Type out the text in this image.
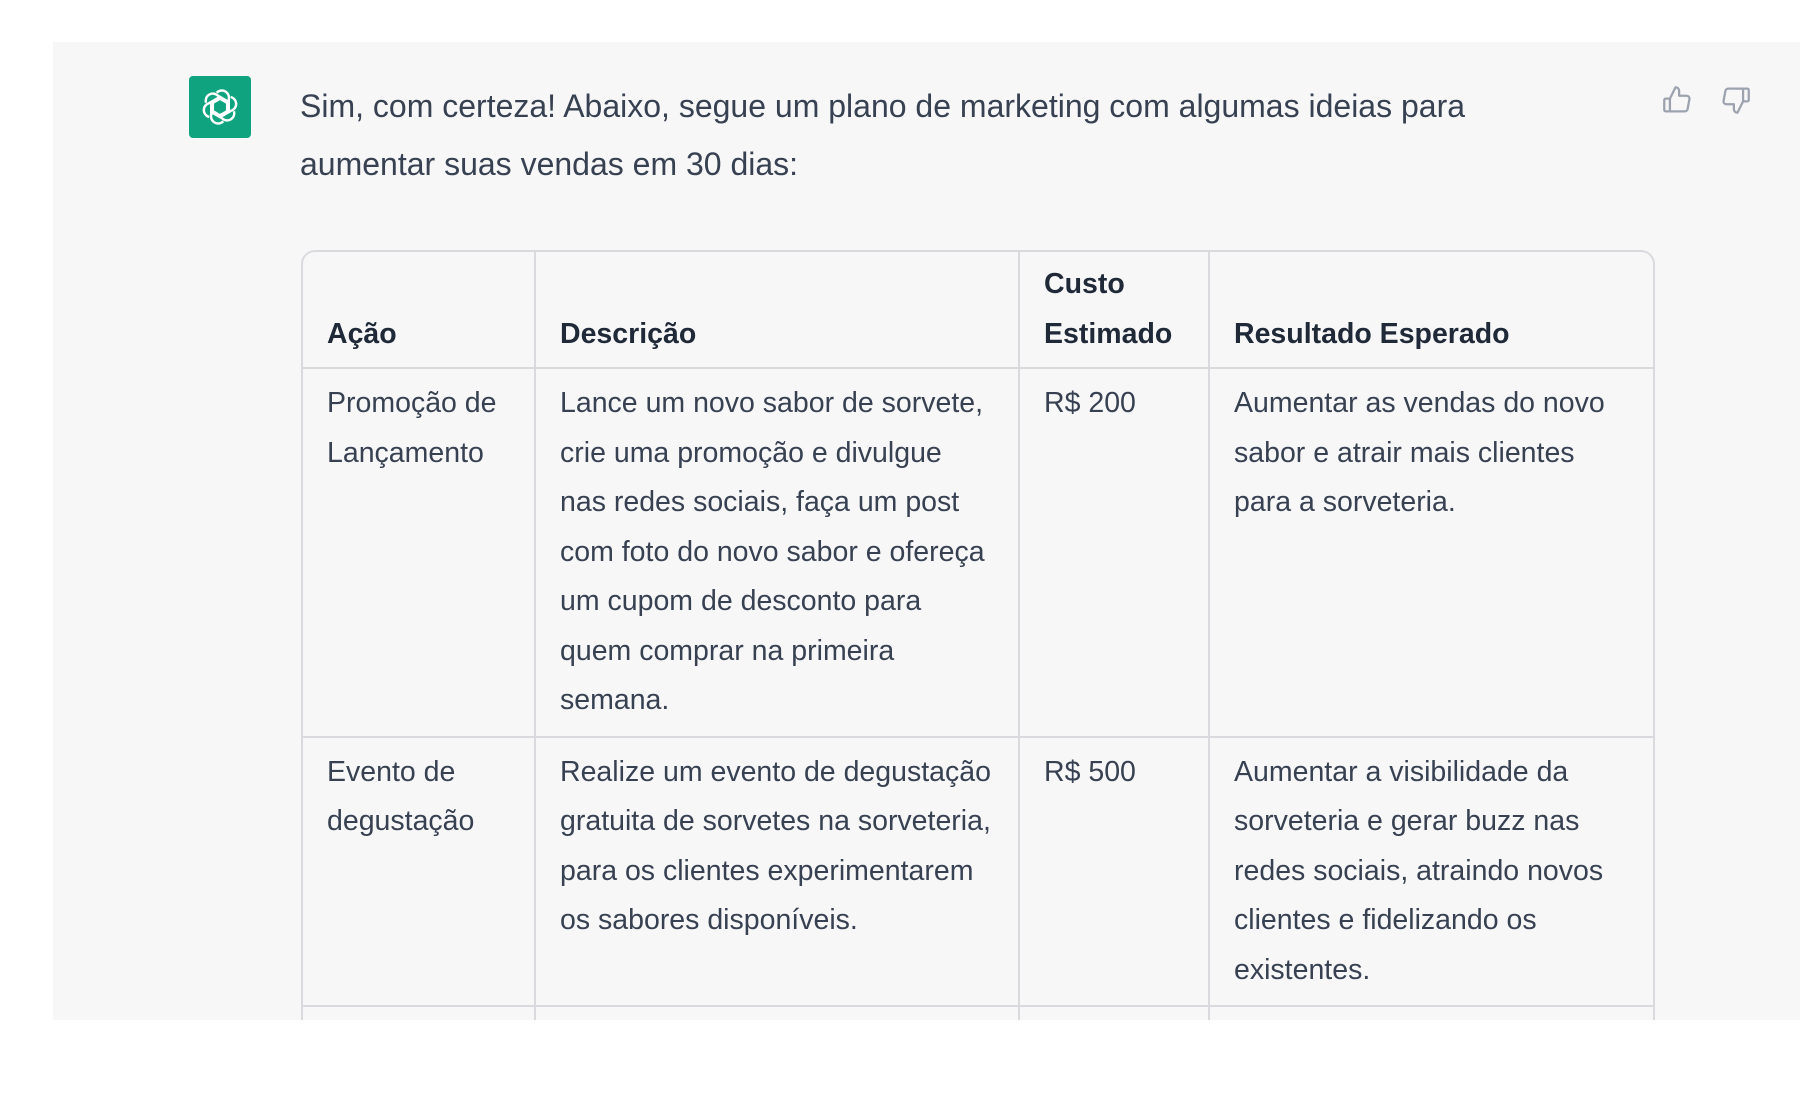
Sim, com certeza! Abaixo, segue um plano de marketing com algumas ideias para aumentar suas vendas em 30 dias:

Ação	Descrição	Custo Estimado	Resultado Esperado
Promoção de Lançamento	Lance um novo sabor de sorvete, crie uma promoção e divulgue nas redes sociais, faça um post com foto do novo sabor e ofereça um cupom de desconto para quem comprar na primeira semana.	R$ 200	Aumentar as vendas do novo sabor e atrair mais clientes para a sorveteria.
Evento de degustação	Realize um evento de degustação gratuita de sorvetes na sorveteria, para os clientes experimentarem os sabores disponíveis.	R$ 500	Aumentar a visibilidade da sorveteria e gerar buzz nas redes sociais, atraindo novos clientes e fidelizando os existentes.
